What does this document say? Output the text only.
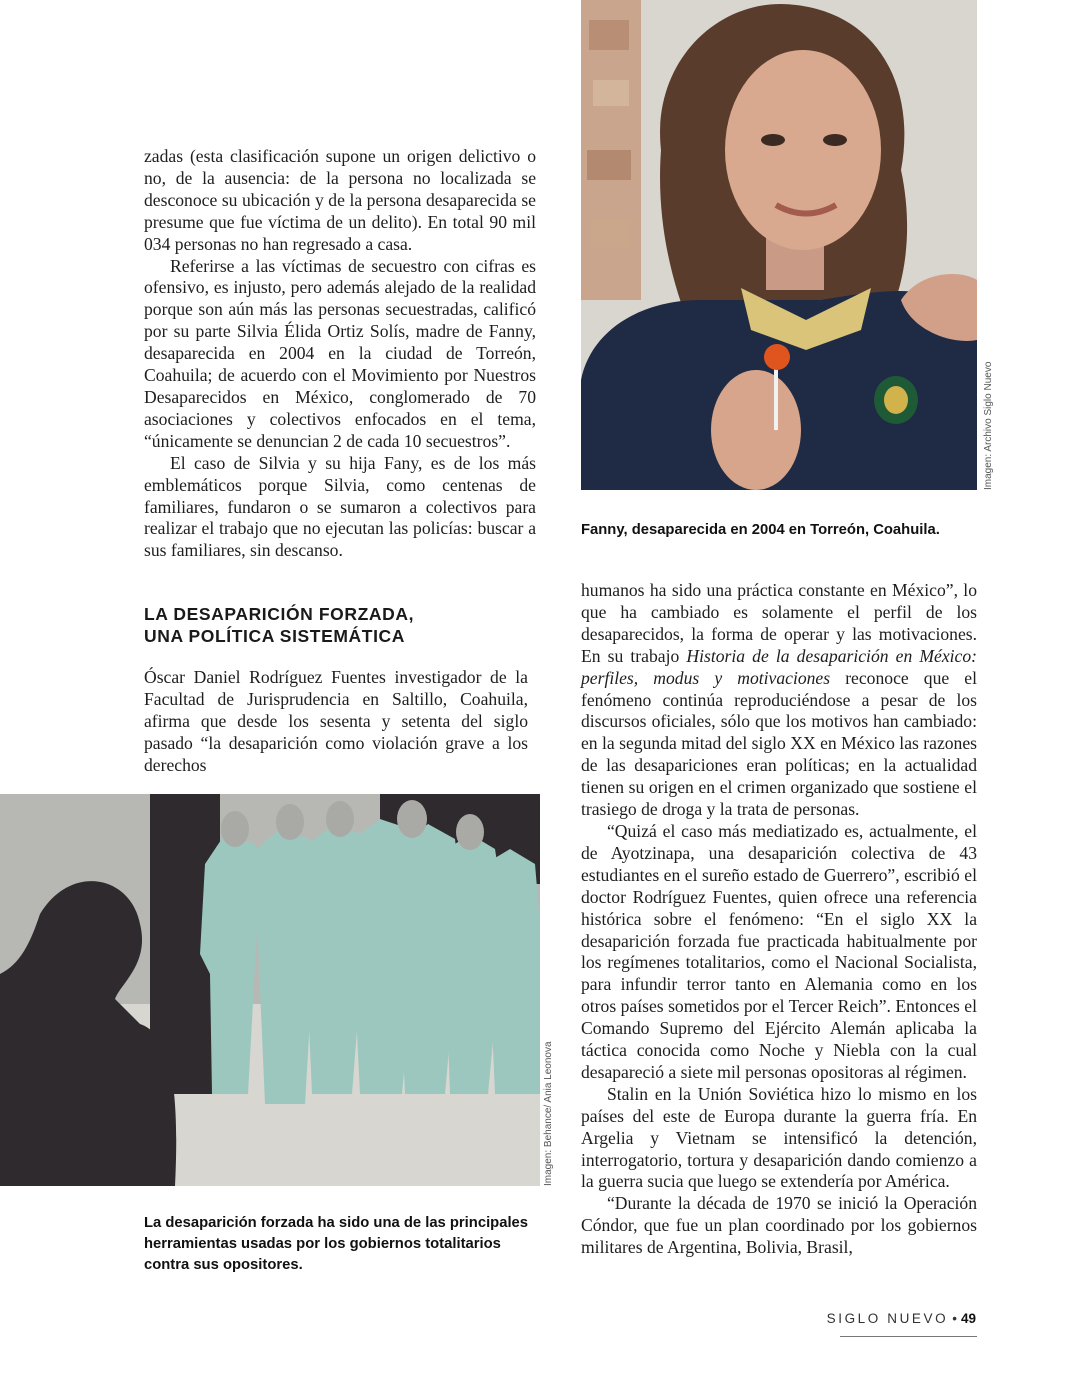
Imagen: Archivo Siglo Nuevo

zadas (esta clasificación supone un origen delictivo o no, de la ausencia: de la persona no localizada se desconoce su ubicación y de la persona desaparecida se presume que fue víctima de un delito). En total 90 mil 034 personas no han regresado a casa.

Referirse a las víctimas de secuestro con cifras es ofensivo, es injusto, pero además alejado de la realidad porque son aún más las personas secuestradas, calificó por su parte Silvia Élida Ortiz Solís, madre de Fanny, desaparecida en 2004 en la ciudad de Torreón, Coahuila; de acuerdo con el Movimiento por Nuestros Desaparecidos en México, conglomerado de 70 asociaciones y colectivos enfocados en el tema, “únicamente se denuncian 2 de cada 10 secuestros”.

El caso de Silvia y su hija Fany, es de los más emblemáticos porque Silvia, como centenas de familiares, fundaron o se sumaron a colectivos para realizar el trabajo que no ejecutan las policías: buscar a sus familiares, sin descanso.

Fanny, desaparecida en 2004 en Torreón, Coahuila.
LA DESAPARICIÓN FORZADA,
UNA POLÍTICA SISTEMÁTICA

Óscar Daniel Rodríguez Fuentes investigador de la Facultad de Jurisprudencia en Saltillo, Coahuila, afirma que desde los sesenta y setenta del siglo pasado “la desaparición como violación grave a los derechos

humanos ha sido una práctica constante en México”, lo que ha cambiado es solamente el perfil de los desaparecidos, la forma de operar y las motivaciones. En su trabajo Historia de la desaparición en México: perfiles, modus y motivaciones reconoce que el fenómeno continúa reproduciéndose a pesar de los discursos oficiales, sólo que los motivos han cambiado: en la segunda mitad del siglo XX en México las razones de las desapariciones eran políticas; en la actualidad tienen su origen en el crimen organizado que sostiene el trasiego de droga y la trata de personas.

“Quizá el caso más mediatizado es, actualmente, el de Ayotzinapa, una desaparición colectiva de 43 estudiantes en el sureño estado de Guerrero”, escribió el doctor Rodríguez Fuentes, quien ofrece una referencia histórica sobre el fenómeno: “En el siglo XX la desaparición forzada fue practicada habitualmente por los regímenes totalitarios, como el Nacional Socialista, para infundir terror tanto en Alemania como en los otros países sometidos por el Tercer Reich”. Entonces el Comando Supremo del Ejército Alemán aplicaba la táctica conocida como Noche y Niebla con la cual desapareció a siete mil personas opositoras al régimen.

Stalin en la Unión Soviética hizo lo mismo en los países del este de Europa durante la guerra fría. En Argelia y Vietnam se intensificó la detención, interrogatorio, tortura y desaparición dando comienzo a la guerra sucia que luego se extendería por América.

“Durante la década de 1970 se inició la Operación Cóndor, que fue un plan coordinado por los gobiernos militares de Argentina, Bolivia, Brasil,

Imagen: Behance/ Ania Leonova
La desaparición forzada ha sido una de las principales herramientas usadas por los gobiernos totalitarios contra sus opositores.
SIGLO NUEVO • 49
